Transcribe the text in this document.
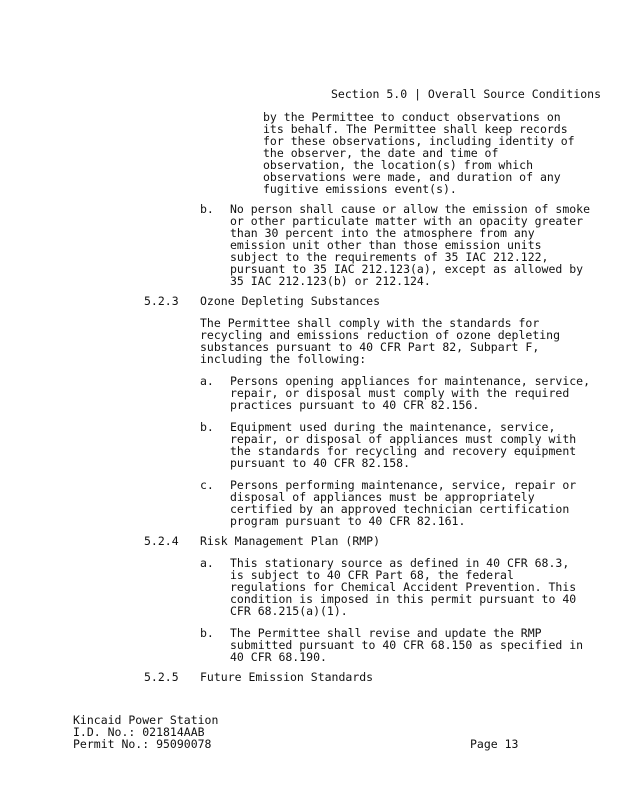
Section 5.0 | Overall Source Conditions
by the Permittee to conduct observations on
its behalf. The Permittee shall keep records
for these observations, including identity of
the observer, the date and time of
observation, the location(s) from which
observations were made, and duration of any
fugitive emissions event(s).
b. No person shall cause or allow the emission of smoke
or other particulate matter with an opacity greater
than 30 percent into the atmosphere from any
emission unit other than those emission units
subject to the requirements of 35 IAC 212.122,
pursuant to 35 IAC 212.123(a), except as allowed by
35 IAC 212.123(b) or 212.124.
5.2.3 Ozone Depleting Substances
The Permittee shall comply with the standards for
recycling and emissions reduction of ozone depleting
substances pursuant to 40 CFR Part 82, Subpart F,
including the following:
a. Persons opening appliances for maintenance, service,
repair, or disposal must comply with the required
practices pursuant to 40 CFR 82.156.
b. Equipment used during the maintenance, service,
repair, or disposal of appliances must comply with
the standards for recycling and recovery equipment
pursuant to 40 CFR 82.158.
c. Persons performing maintenance, service, repair or
disposal of appliances must be appropriately
certified by an approved technician certification
program pursuant to 40 CFR 82.161.
5.2.4 Risk Management Plan (RMP)
a. This stationary source as defined in 40 CFR 68.3,
is subject to 40 CFR Part 68, the federal
regulations for Chemical Accident Prevention. This
condition is imposed in this permit pursuant to 40
CFR 68.215(a)(1).
b. The Permittee shall revise and update the RMP
submitted pursuant to 40 CFR 68.150 as specified in
40 CFR 68.190.
5.2.5 Future Emission Standards
Kincaid Power Station
I.D. No.: 021814AAB
Permit No.: 95090078	Page 13
